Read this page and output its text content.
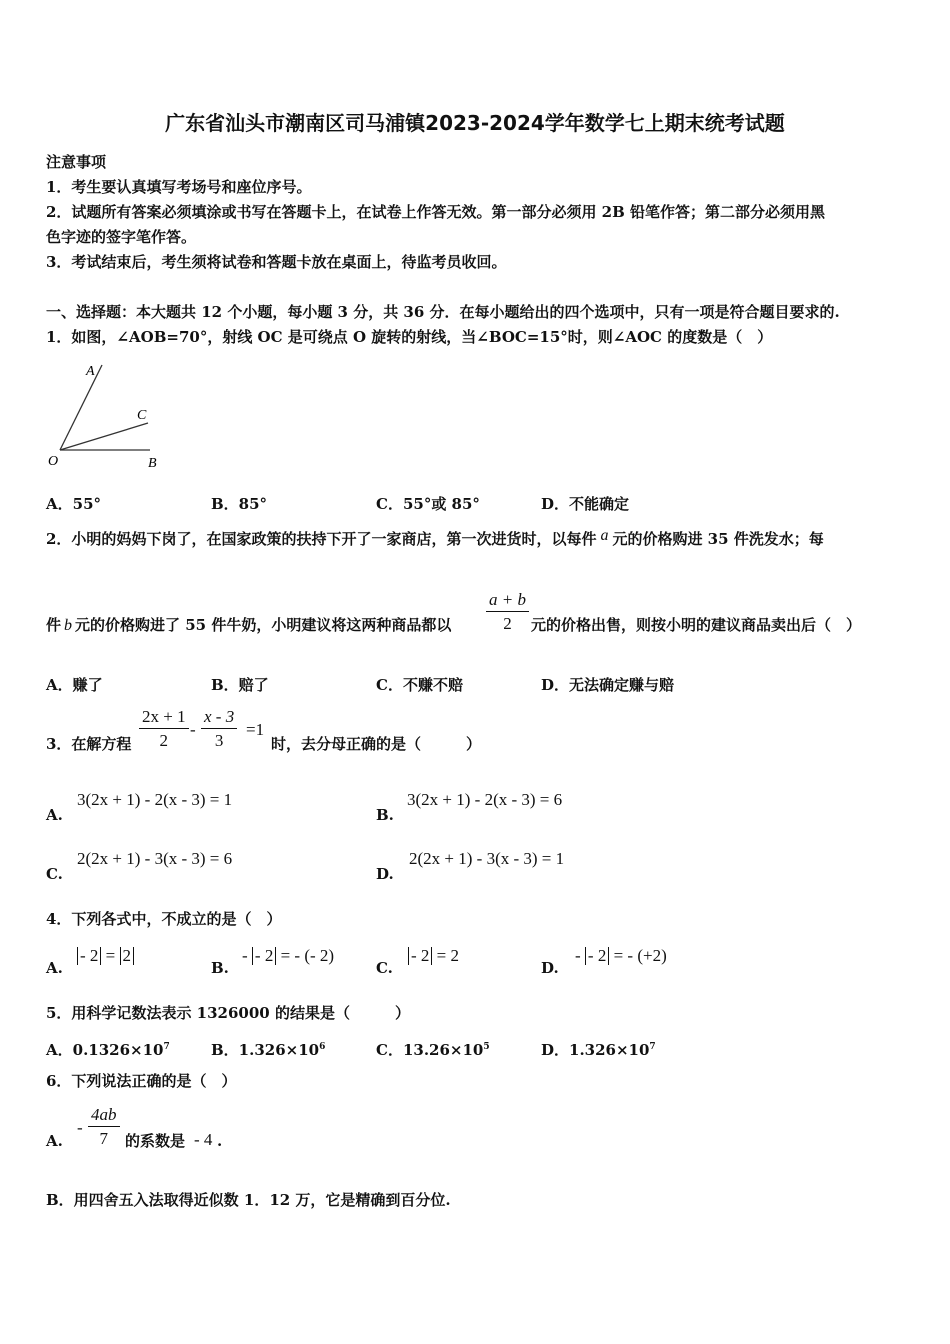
广东省汕头市潮南区司马浦镇2023-2024学年数学七上期末统考试题
注意事项
1．考生要认真填写考场号和座位序号。
2．试题所有答案必须填涂或书写在答题卡上，在试卷上作答无效。第一部分必须用 2B 铅笔作答；第二部分必须用黑
色字迹的签字笔作答。
3．考试结束后，考生须将试卷和答题卡放在桌面上，待监考员收回。
一、选择题：本大题共 12 个小题，每小题 3 分，共 36 分．在每小题给出的四个选项中，只有一项是符合题目要求的.
1．如图，∠AOB=70°，射线 OC 是可绕点 O 旋转的射线，当∠BOC=15°时，则∠AOC 的度数是（　）
A
C
O	B
A．55°	B．85°	C．55°或 85°	D．不能确定
2．小明的妈妈下岗了，在国家政策的扶持下开了一家商店，第一次进货时，以每件 a 元的价格购进 35 件洗发水；每
件 b 元的价格购进了 55 件牛奶，小明建议将这两种商品都以 $\frac{a + b}{2}$ 元的价格出售，则按小明的建议商品卖出后（　）
A．赚了	B．赔了	C．不赚不赔	D．无法确定赚与赔
3．在解方程 $\frac{2x + 1}{2} - \frac{x - 3}{3} =1$
时，去分母正确的是（　　　）
A.
3(2x + 1) - 2(x - 3) = 1
B.
3(2x + 1) - 2(x - 3) = 6
C.
2(2x + 1) - 3(x - 3) = 6
D.
2(2x + 1) - 3(x - 3) = 1
4．下列各式中，不成立的是（　）
A.
- 2 = 2
B.
- - 2 = - (- 2)
C.
- 2 = 2
D.
- - 2 = - (+2)
5．用科学记数法表示 1326000 的结果是（　　　）
A．$0.1326\times 10^7$	B．$1.326\times 10^6$	C．$13.26\times 10^5$	D．$1.326\times 10^7$
6．下列说法正确的是（　）
A.
- $\frac{4ab}{7}$ 的系数是 - 4 .
B．用四舍五入法取得近似数 1．12 万，它是精确到百分位.
